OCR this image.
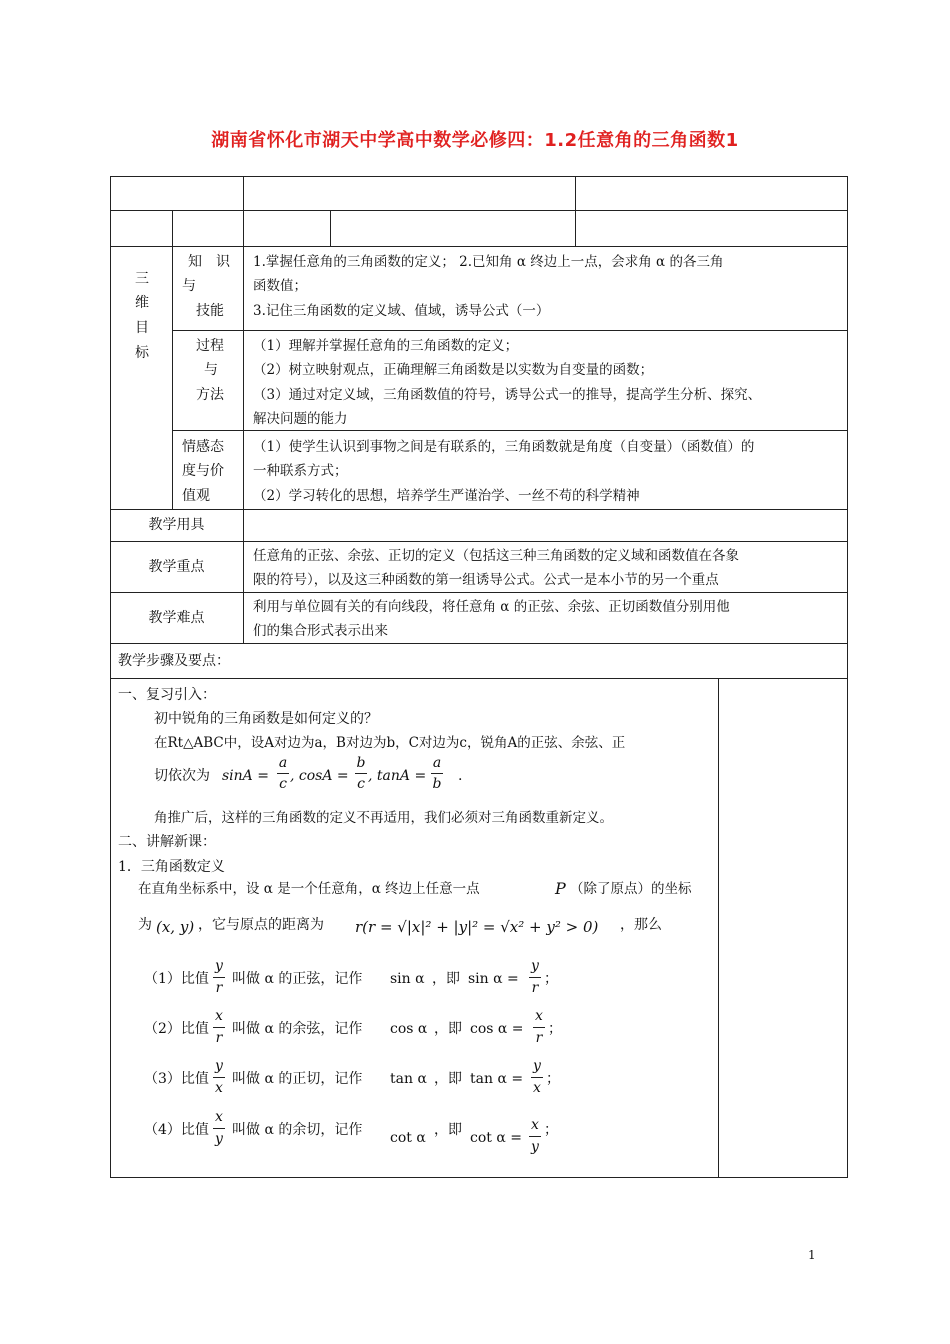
湖南省怀化市湖天中学高中数学必修四：1.2任意角的三角函数1
三
维
目
标
知　识
与
技能
1.掌握任意角的三角函数的定义； 2.已知角 α 终边上一点，会求角 α 的各三角
函数值；
3.记住三角函数的定义域、值域，诱导公式（一）
过程
与
方法
（1）理解并掌握任意角的三角函数的定义；
（2）树立映射观点，正确理解三角函数是以实数为自变量的函数；
（3）通过对定义域，三角函数值的符号，诱导公式一的推导，提高学生分析、探究、
解决问题的能力
情感态
度与价
值观
（1）使学生认识到事物之间是有联系的，三角函数就是角度（自变量）（函数值）的
一种联系方式；
（2）学习转化的思想，培养学生严谨治学、一丝不苟的科学精神
教学用具
教学重点
任意角的正弦、余弦、正切的定义（包括这三种三角函数的定义域和函数值在各象
限的符号），以及这三种函数的第一组诱导公式。公式一是本小节的另一个重点
教学难点
利用与单位圆有关的有向线段，将任意角 α 的正弦、余弦、正切函数值分别用他
们的集合形式表示出来
教学步骤及要点：
一、复习引入：
初中锐角的三角函数是如何定义的？
在Rt△ABC中，设A对边为a，B对边为b，C对边为c，锐角A的正弦、余弦、正
切依次为 sinA =
a
c , cosA =
b
c , tanA =
a
b .
角推广后，这样的三角函数的定义不再适用，我们必须对三角函数重新定义。
二、讲解新课：
1．三角函数定义
在直角坐标系中，设 α 是一个任意角，α 终边上任意一点	P （除了原点）的坐标
为 (x, y) ，它与原点的距离为 r(r = √|x|² + |y|² = √x² + y² > 0) ，那么
（1）比值
y
r
叫做 α 的正弦，记作 sin α ，即 sin α =
y
r
；
（2）比值
x
r
叫做 α 的余弦，记作 cos α ，即 cos α =
x
r
；
（3）比值
y
x
叫做 α 的正切，记作 tan α ，即 tan α =
y
x
；
（4）比值
x
y
叫做 α 的余切，记作 cot α ，即 cot α =
x
y
；
1
